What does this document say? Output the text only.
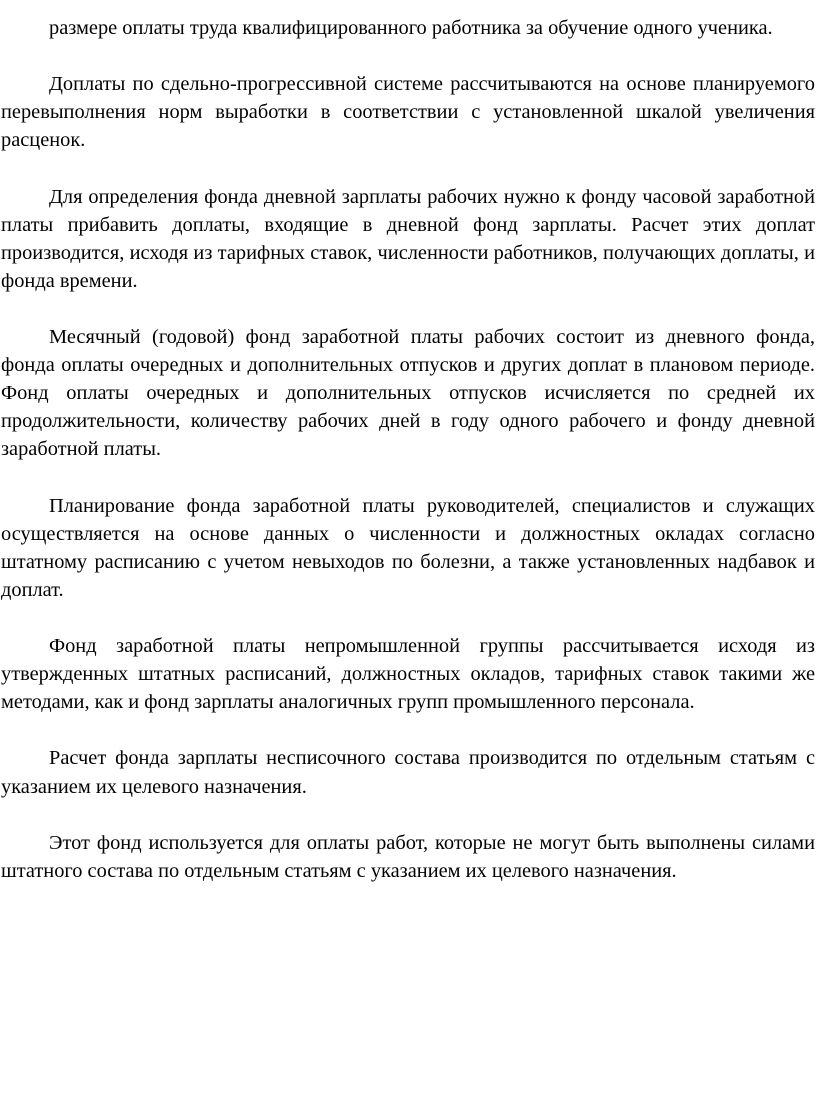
размере оплаты труда квалифицированного работника за обучение одного ученика.

Доплаты по сдельно-прогрессивной системе рассчитываются на основе планируемого перевыполнения норм выработки в соответствии с установленной шкалой увеличения расценок.

Для определения фонда дневной зарплаты рабочих нужно к фонду часовой заработной платы прибавить доплаты, входящие в дневной фонд зарплаты. Расчет этих доплат производится, исходя из тарифных ставок, численности работников, получающих доплаты, и фонда времени.

Месячный (годовой) фонд заработной платы рабочих состоит из дневного фонда, фонда оплаты очередных и дополнительных отпусков и других доплат в плановом периоде. Фонд оплаты очередных и дополнительных отпусков исчисляется по средней их продолжительности, количеству рабочих дней в году одного рабочего и фонду дневной заработной платы.

Планирование фонда заработной платы руководителей, специалистов и служащих осуществляется на основе данных о численности и должностных окладах согласно штатному расписанию с учетом невыходов по болезни, а также установленных надбавок и доплат.

Фонд заработной платы непромышленной группы рассчитывается исходя из утвержденных штатных расписаний, должностных окладов, тарифных ставок такими же методами, как и фонд зарплаты аналогичных групп промышленного персонала.

Расчет фонда зарплаты несписочного состава производится по отдельным статьям с указанием их целевого назначения.

Этот фонд используется для оплаты работ, которые не могут быть выполнены силами штатного состава по отдельным статьям с указанием их целевого назначения.
